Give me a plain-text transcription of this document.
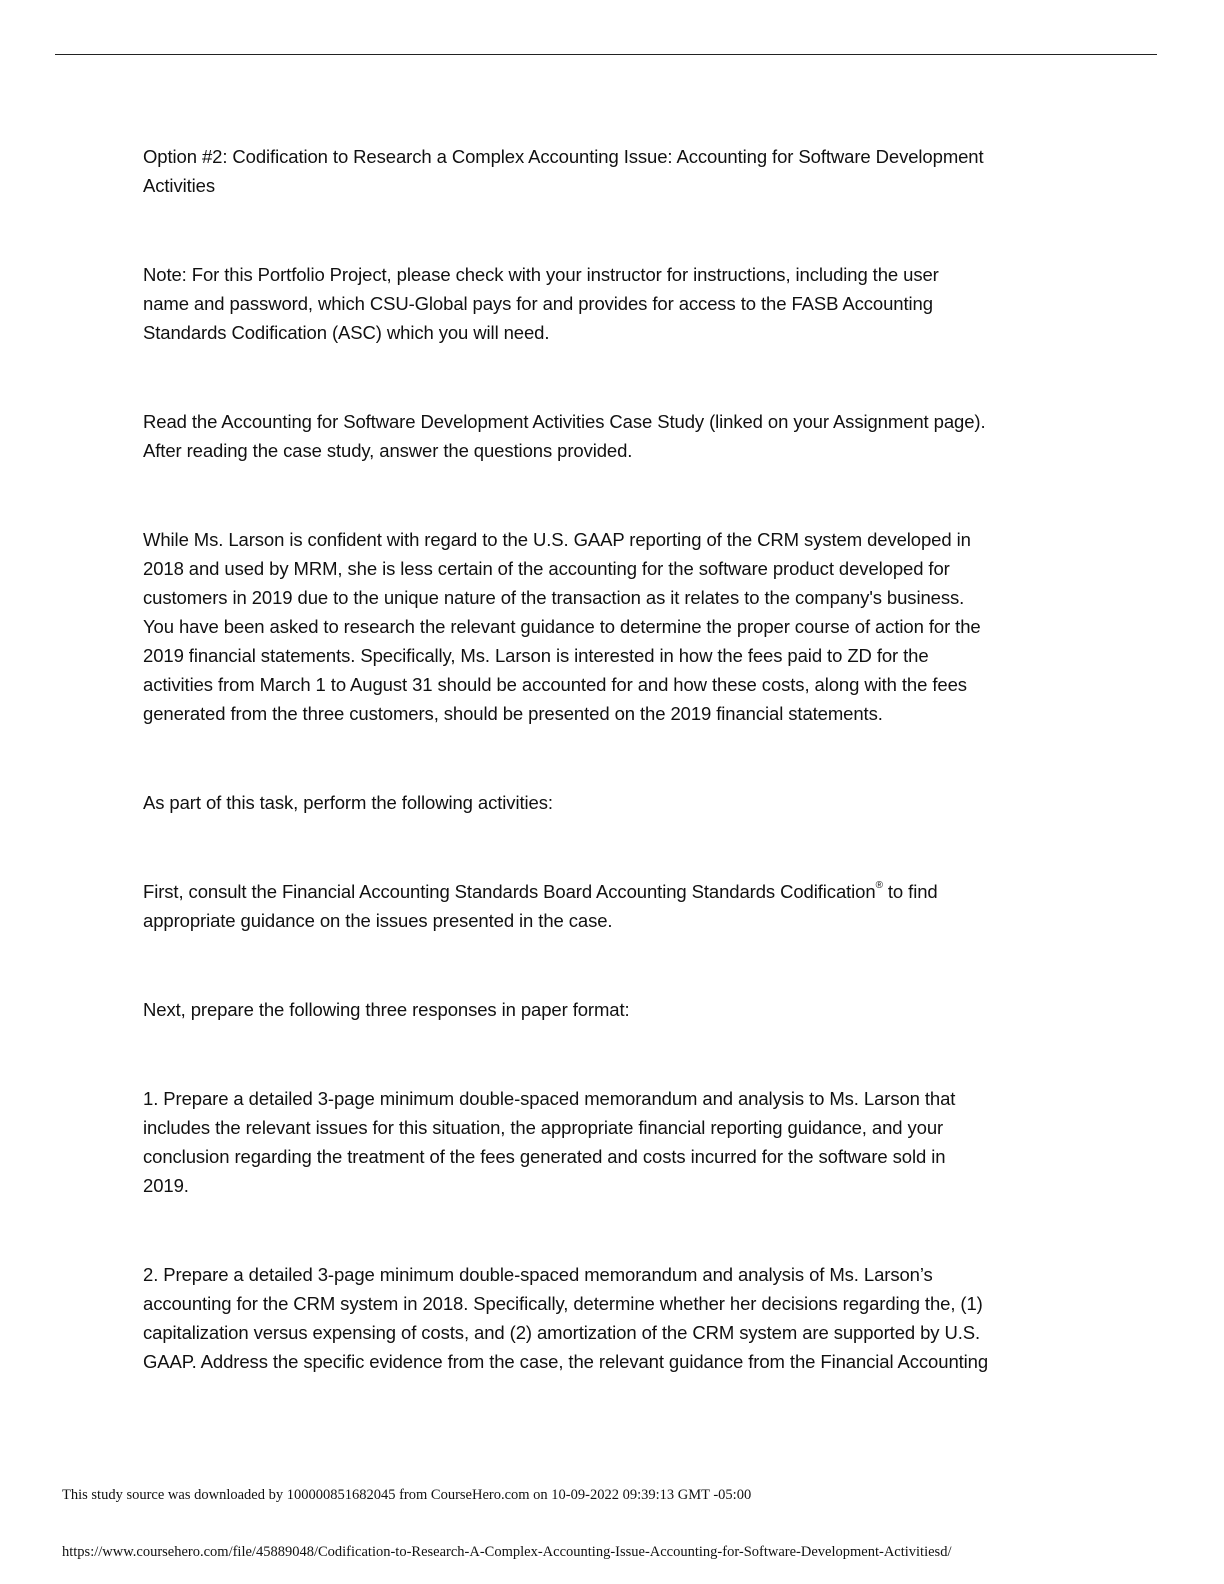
Option #2: Codification to Research a Complex Accounting Issue: Accounting for Software Development
Activities

Note: For this Portfolio Project, please check with your instructor for instructions, including the user
name and password, which CSU-Global pays for and provides for access to the FASB Accounting
Standards Codification (ASC) which you will need.

Read the Accounting for Software Development Activities Case Study (linked on your Assignment page).
After reading the case study, answer the questions provided.

While Ms. Larson is confident with regard to the U.S. GAAP reporting of the CRM system developed in
2018 and used by MRM, she is less certain of the accounting for the software product developed for
customers in 2019 due to the unique nature of the transaction as it relates to the company's business.
You have been asked to research the relevant guidance to determine the proper course of action for the
2019 financial statements. Specifically, Ms. Larson is interested in how the fees paid to ZD for the
activities from March 1 to August 31 should be accounted for and how these costs, along with the fees
generated from the three customers, should be presented on the 2019 financial statements.

As part of this task, perform the following activities:

First, consult the Financial Accounting Standards Board Accounting Standards Codification® to find
appropriate guidance on the issues presented in the case.

Next, prepare the following three responses in paper format:

1. Prepare a detailed 3-page minimum double-spaced memorandum and analysis to Ms. Larson that
includes the relevant issues for this situation, the appropriate financial reporting guidance, and your
conclusion regarding the treatment of the fees generated and costs incurred for the software sold in
2019.

2. Prepare a detailed 3-page minimum double-spaced memorandum and analysis of Ms. Larson’s
accounting for the CRM system in 2018. Specifically, determine whether her decisions regarding the, (1)
capitalization versus expensing of costs, and (2) amortization of the CRM system are supported by U.S.
GAAP. Address the specific evidence from the case, the relevant guidance from the Financial Accounting

This study source was downloaded by 100000851682045 from CourseHero.com on 10-09-2022 09:39:13 GMT -05:00
https://www.coursehero.com/file/45889048/Codification-to-Research-A-Complex-Accounting-Issue-Accounting-for-Software-Development-Activitiesd/
